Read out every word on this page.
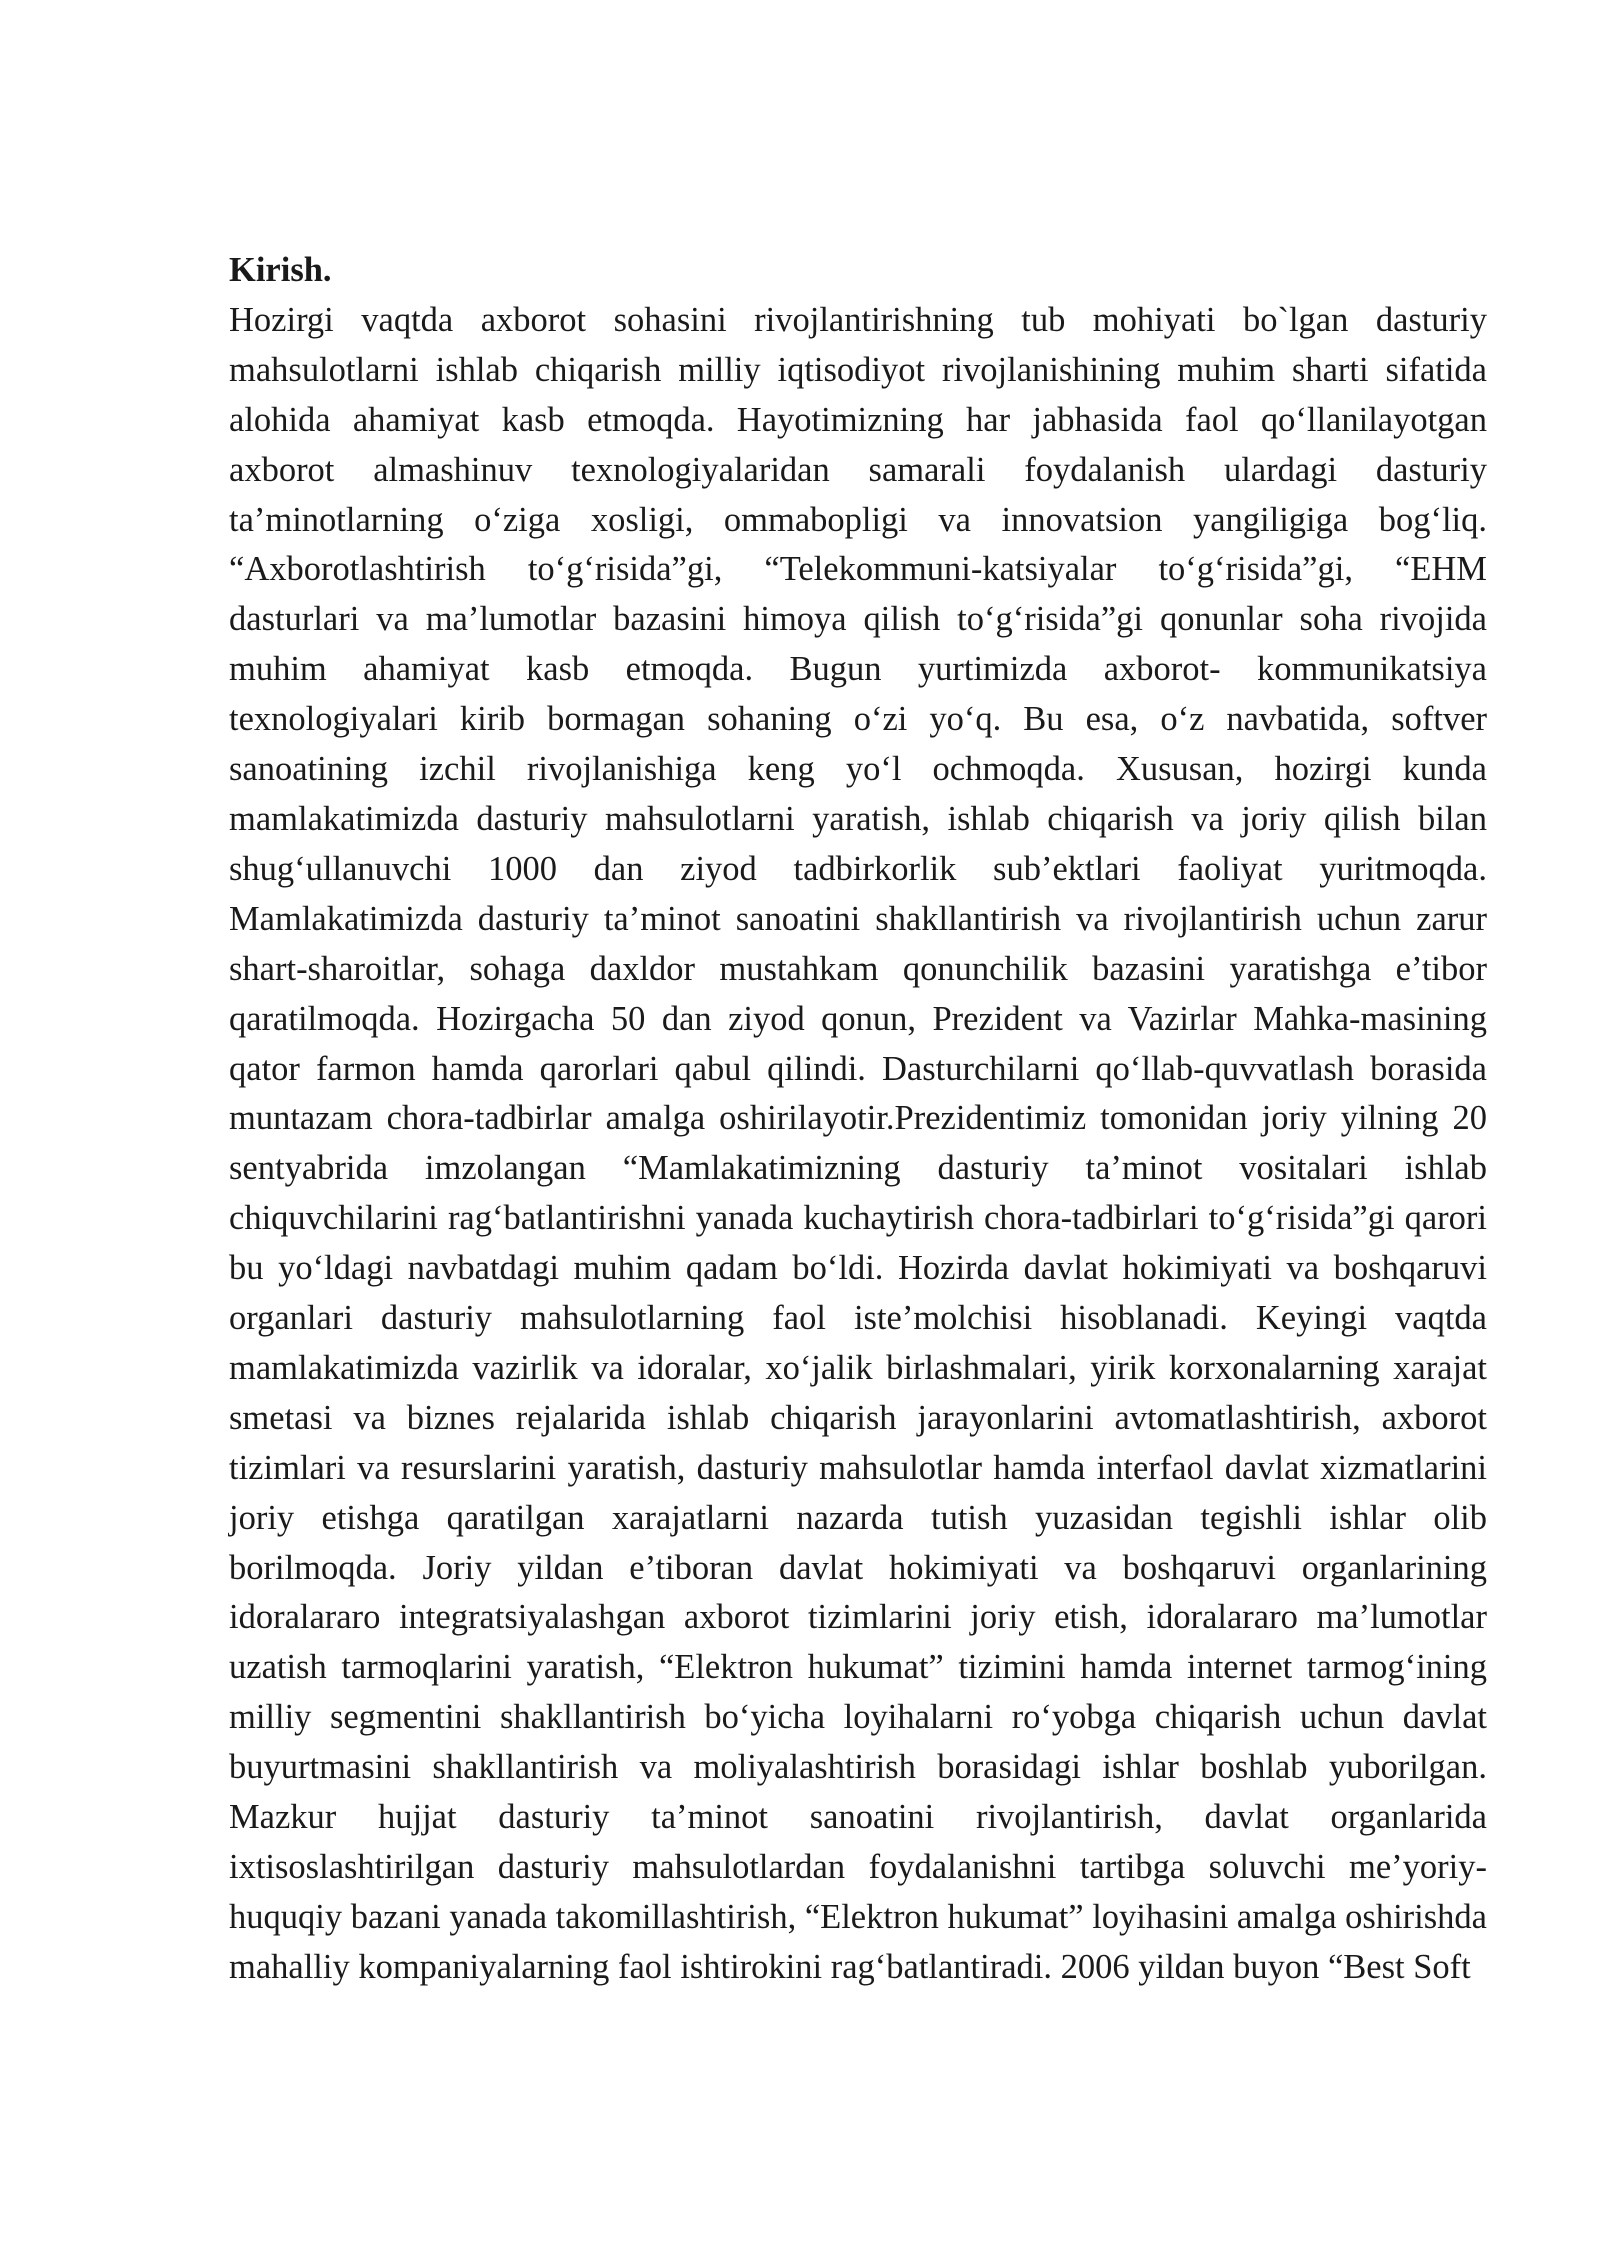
Kirish.

Hozirgi vaqtda axborot sohasini rivojlantirishning tub mohiyati bo`lgan dasturiy mahsulotlarni ishlab chiqarish milliy iqtisodiyot rivojlanishining muhim sharti sifatida alohida ahamiyat kasb etmoqda. Hayotimizning har jabhasida faol qo‘llanilayotgan axborot almashinuv texnologiyalaridan samarali foydalanish ulardagi dasturiy ta’minotlarning o‘ziga xosligi, ommabopligi va innovatsion yangiligiga bog‘liq. “Axborotlashtirish to‘g‘risida”gi, “Telekommuni-katsiyalar to‘g‘risida”gi, “EHM dasturlari va ma’lumotlar bazasini himoya qilish to‘g‘risida”gi qonunlar soha rivojida muhim ahamiyat kasb etmoqda. Bugun yurtimizda axborot- kommunikatsiya texnologiyalari kirib bormagan sohaning o‘zi yo‘q. Bu esa, o‘z navbatida, softver sanoatining izchil rivojlanishiga keng yo‘l ochmoqda. Xususan, hozirgi kunda mamlakatimizda dasturiy mahsulotlarni yaratish, ishlab chiqarish va joriy qilish bilan shug‘ullanuvchi 1000 dan ziyod tadbirkorlik sub’ektlari faoliyat yuritmoqda. Mamlakatimizda dasturiy ta’minot sanoatini shakllantirish va rivojlantirish uchun zarur shart-sharoitlar, sohaga daxldor mustahkam qonunchilik bazasini yaratishga e’tibor qaratilmoqda. Hozirgacha 50 dan ziyod qonun, Prezident va Vazirlar Mahka-masining qator farmon hamda qarorlari qabul qilindi. Dasturchilarni qo‘llab-quvvatlash borasida muntazam chora-tadbirlar amalga oshirilayotir.Prezidentimiz tomonidan joriy yilning 20 sentyabrida imzolangan “Mamlakatimizning dasturiy ta’minot vositalari ishlab chiquvchilarini rag‘batlantirishni yanada kuchaytirish chora-tadbirlari to‘g‘risida”gi qarori bu yo‘ldagi navbatdagi muhim qadam bo‘ldi. Hozirda davlat hokimiyati va boshqaruvi organlari dasturiy mahsulotlarning faol iste’molchisi hisoblanadi. Keyingi vaqtda mamlakatimizda vazirlik va idoralar, xo‘jalik birlashmalari, yirik korxonalarning xarajat smetasi va biznes rejalarida ishlab chiqarish jarayonlarini avtomatlashtirish, axborot tizimlari va resurslarini yaratish, dasturiy mahsulotlar hamda interfaol davlat xizmatlarini joriy etishga qaratilgan xarajatlarni nazarda tutish yuzasidan tegishli ishlar olib borilmoqda. Joriy yildan e’tiboran davlat hokimiyati va boshqaruvi organlarining idoralararo integratsiyalashgan axborot tizimlarini joriy etish, idoralararo ma’lumotlar uzatish tarmoqlarini yaratish, “Elektron hukumat” tizimini hamda internet tarmog‘ining milliy segmentini shakllantirish bo‘yicha loyihalarni ro‘yobga chiqarish uchun davlat buyurtmasini shakllantirish va moliyalashtirish borasidagi ishlar boshlab yuborilgan. Mazkur hujjat dasturiy ta’minot sanoatini rivojlantirish, davlat organlarida ixtisoslashtirilgan dasturiy mahsulotlardan foydalanishni tartibga soluvchi me’yoriy-huquqiy bazani yanada takomillashtirish, “Elektron hukumat” loyihasini amalga oshirishda mahalliy kompaniyalarning faol ishtirokini rag‘batlantiradi. 2006 yildan buyon “Best Soft
